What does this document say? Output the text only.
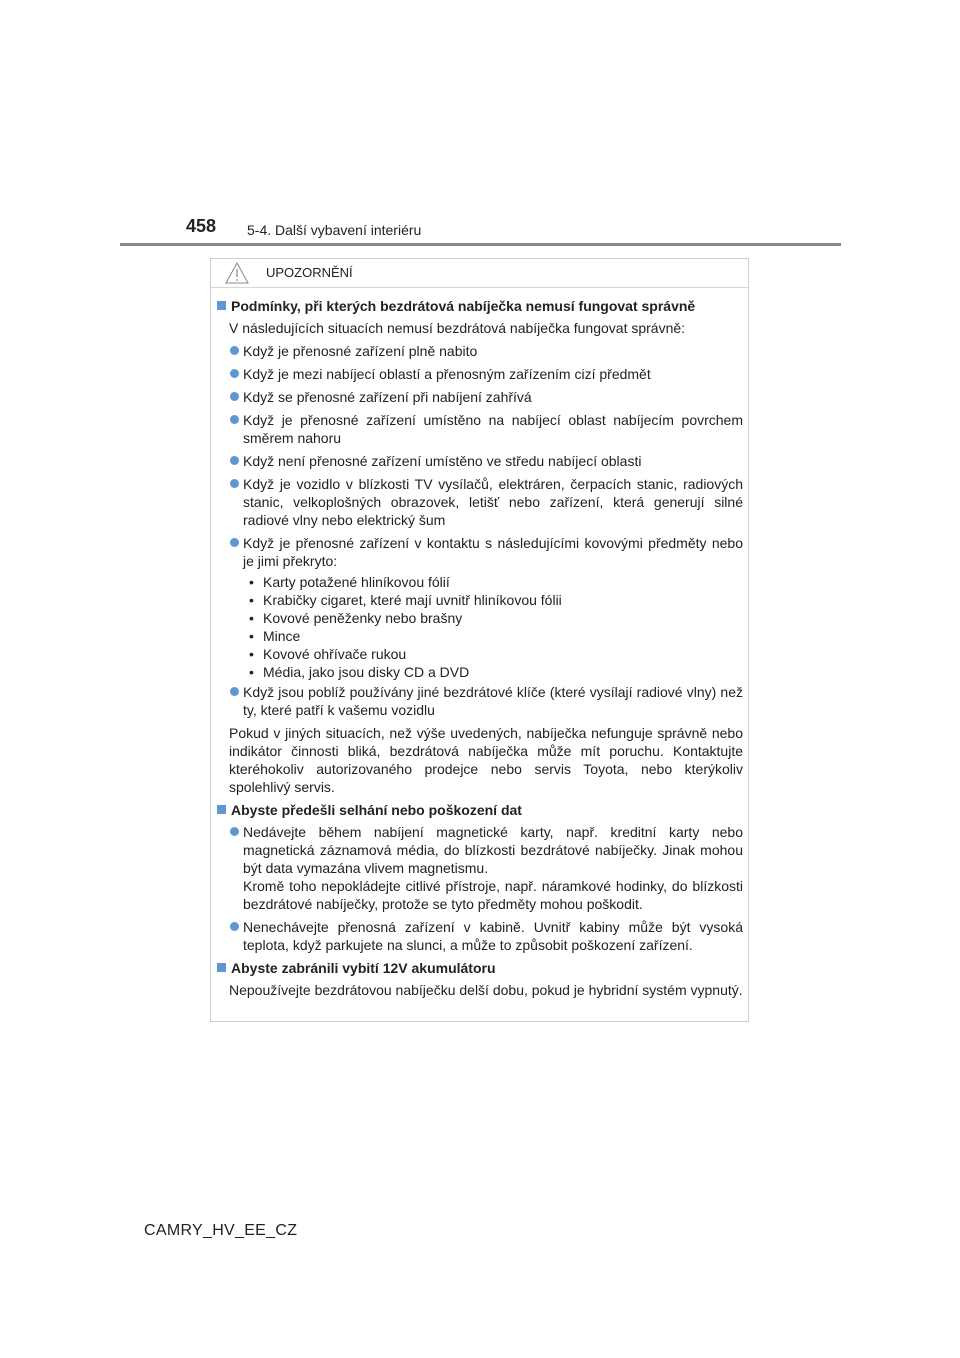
458 5-4. Další vybavení interiéru
UPOZORNĚNÍ
Podmínky, při kterých bezdrátová nabíječka nemusí fungovat správně
V následujících situacích nemusí bezdrátová nabíječka fungovat správně:
Když je přenosné zařízení plně nabito
Když je mezi nabíjecí oblastí a přenosným zařízením cizí předmět
Když se přenosné zařízení při nabíjení zahřívá
Když je přenosné zařízení umístěno na nabíjecí oblast nabíjecím povrchem směrem nahoru
Když není přenosné zařízení umístěno ve středu nabíjecí oblasti
Když je vozidlo v blízkosti TV vysílačů, elektráren, čerpacích stanic, radiových stanic, velkoplošných obrazovek, letišť nebo zařízení, která generují silné radiové vlny nebo elektrický šum
Když je přenosné zařízení v kontaktu s následujícími kovovými předměty nebo je jimi překryto:
• Karty potažené hliníkovou fólií
• Krabičky cigaret, které mají uvnitř hliníkovou fólii
• Kovové peněženky nebo brašny
• Mince
• Kovové ohřívače rukou
• Média, jako jsou disky CD a DVD
Když jsou poblíž používány jiné bezdrátové klíče (které vysílají radiové vlny) než ty, které patří k vašemu vozidlu
Pokud v jiných situacích, než výše uvedených, nabíječka nefunguje správně nebo indikátor činnosti bliká, bezdrátová nabíječka může mít poruchu. Kontaktujte kteréhokoliv autorizovaného prodejce nebo servis Toyota, nebo kterýkoliv spolehlivý servis.
Abyste předešli selhání nebo poškození dat
Nedávejte během nabíjení magnetické karty, např. kreditní karty nebo magnetická záznamová média, do blízkosti bezdrátové nabíječky. Jinak mohou být data vymazána vlivem magnetismu.
Kromě toho nepokládejte citlivé přístroje, např. náramkové hodinky, do blízkosti bezdrátové nabíječky, protože se tyto předměty mohou poškodit.
Nenechávejte přenosná zařízení v kabině. Uvnitř kabiny může být vysoká teplota, když parkujete na slunci, a může to způsobit poškození zařízení.
Abyste zabránili vybití 12V akumulátoru
Nepoužívejte bezdrátovou nabíječku delší dobu, pokud je hybridní systém vypnutý.
CAMRY_HV_EE_CZ
